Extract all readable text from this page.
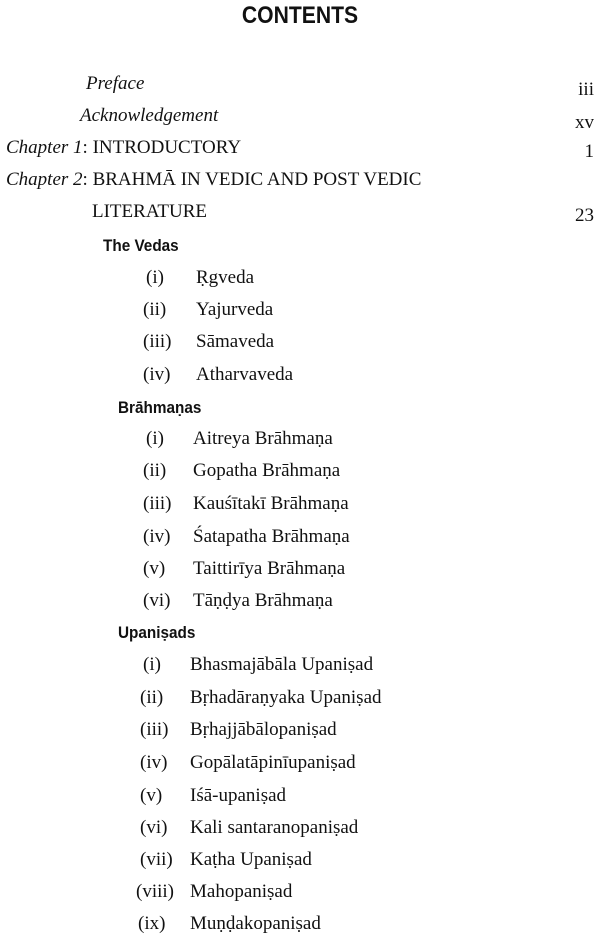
CONTENTS
Preface	iii
Acknowledgement	xv
Chapter 1: INTRODUCTORY	1
Chapter 2: BRAHMĀ IN VEDIC AND POST VEDIC
LITERATURE	23
The Vedas
(i) Ṛgveda
(ii) Yajurveda
(iii) Sāmaveda
(iv) Atharvaveda
Brāhmaṇas
(i) Aitreya Brāhmaṇa
(ii) Gopatha Brāhmaṇa
(iii) Kauśītakī Brāhmaṇa
(iv) Śatapatha Brāhmaṇa
(v) Taittirīya Brāhmaṇa
(vi) Tāṇḍya Brāhmaṇa
Upaniṣads
(i) Bhasmajābāla Upaniṣad
(ii) Bṛhadāraṇyaka Upaniṣad
(iii) Bṛhajjābālopaniṣad
(iv) Gopālatāpinīupaniṣad
(v) Iśā-upaniṣad
(vi) Kali santaranopaniṣad
(vii) Kaṭha Upaniṣad
(viii) Mahopaniṣad
(ix) Muṇḍakopaniṣad
